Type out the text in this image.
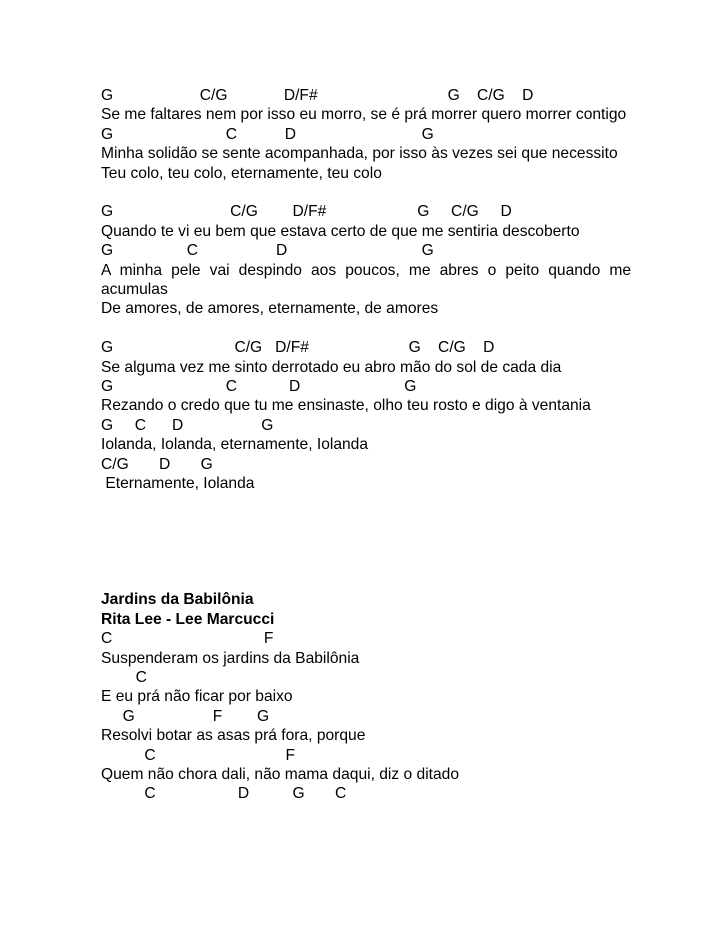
G                    C/G             D/F#                              G    C/G    D
Se me faltares nem por isso eu morro, se é prá morrer quero morrer contigo
G                          C           D                             G
Minha solidão se sente acompanhada, por isso às vezes sei que necessito
Teu colo, teu colo, eternamente, teu colo
G                           C/G        D/F#                     G     C/G     D
Quando te vi eu bem que estava certo de que me sentiria descoberto
G                 C                  D                               G
A minha pele vai despindo aos poucos, me abres o peito quando me acumulas
De amores, de amores, eternamente, de amores
G                            C/G   D/F#                       G    C/G    D
Se alguma vez me sinto derrotado eu abro mão do sol de cada dia
G                          C            D                        G
Rezando o credo que tu me ensinaste, olho teu rosto e digo à ventania
G     C      D                  G
Iolanda, Iolanda, eternamente, Iolanda
C/G       D       G
Eternamente, Iolanda
Jardins da Babilônia
Rita Lee - Lee Marcucci
C                                   F
Suspenderam os jardins da Babilônia
C
E eu prá não ficar por baixo
G                  F        G
Resolvi botar as asas prá fora, porque
C                              F
Quem não chora dali, não mama daqui, diz o ditado
C                   D          G       C
